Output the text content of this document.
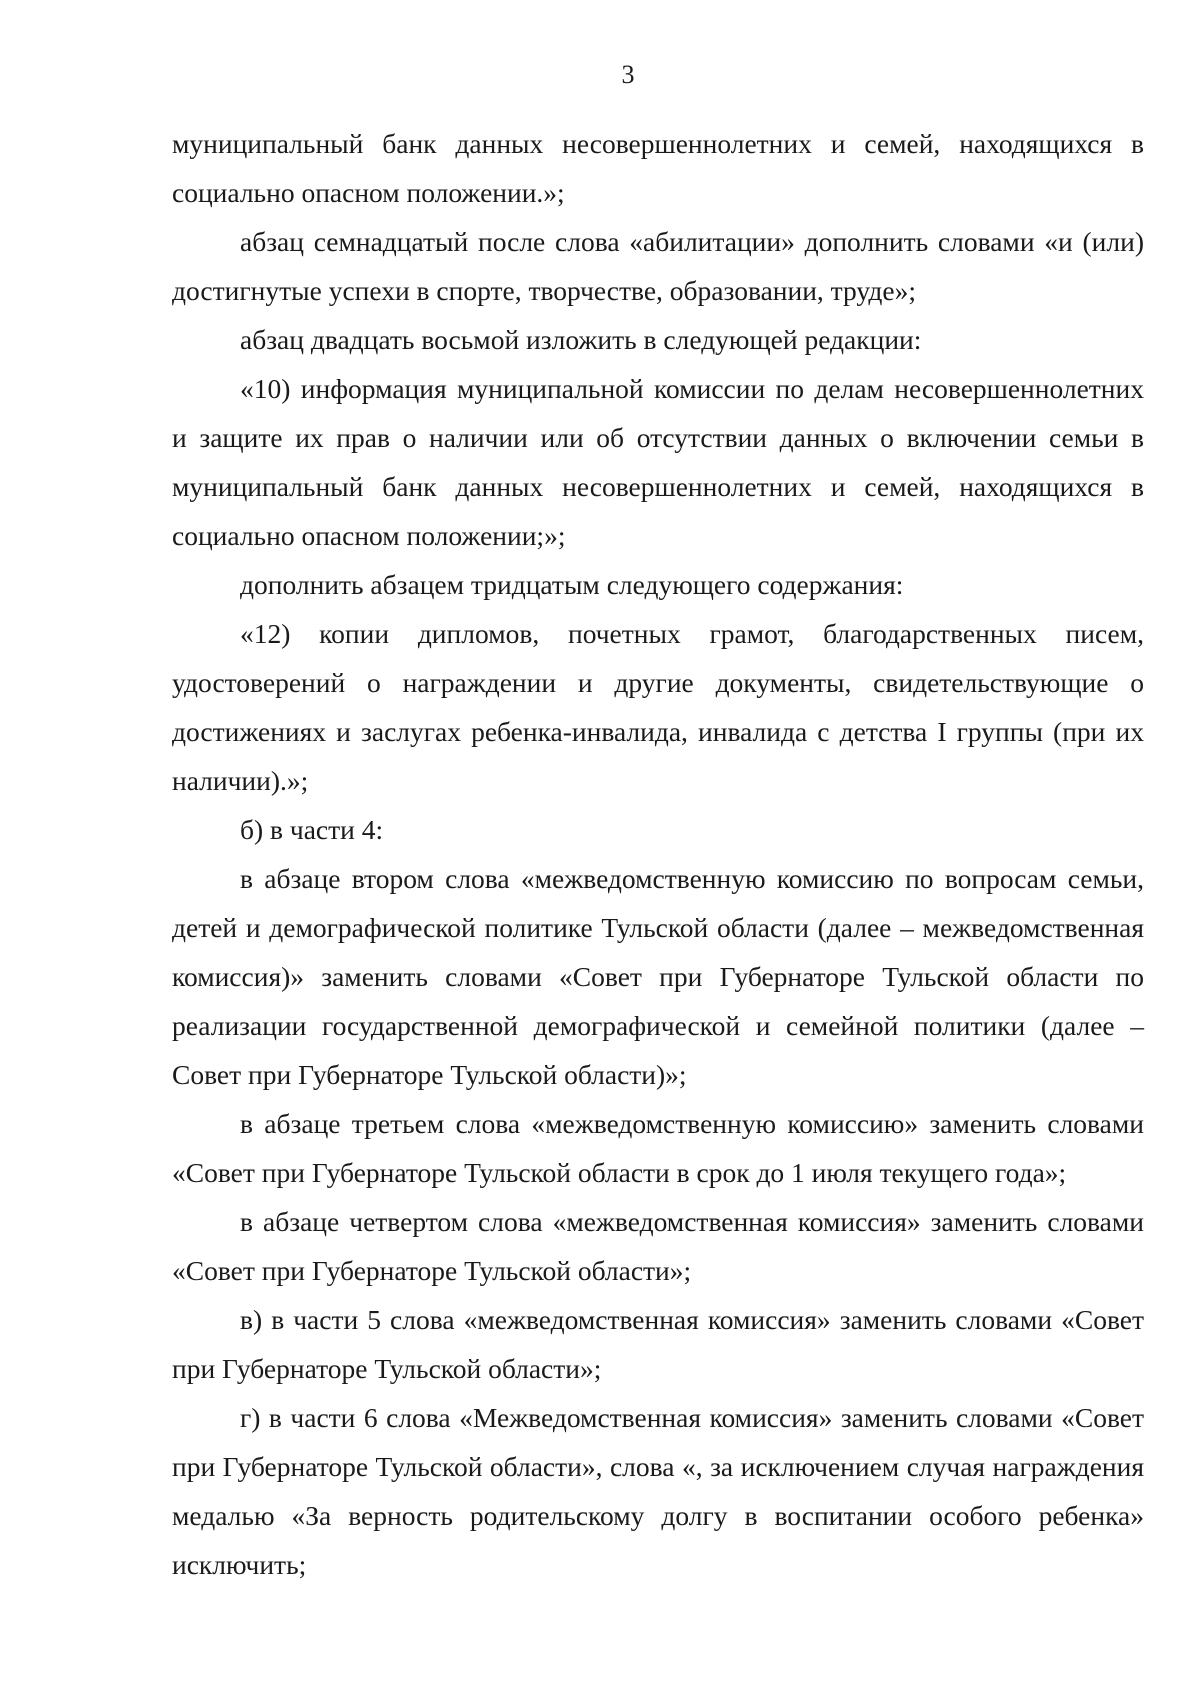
3

муниципальный банк данных несовершеннолетних и семей, находящихся в социально опасном положении.»;

абзац семнадцатый после слова «абилитации» дополнить словами «и (или) достигнутые успехи в спорте, творчестве, образовании, труде»;

абзац двадцать восьмой изложить в следующей редакции:

«10) информация муниципальной комиссии по делам несовершеннолетних и защите их прав о наличии или об отсутствии данных о включении семьи в муниципальный банк данных несовершеннолетних и семей, находящихся в социально опасном положении;»;

дополнить абзацем тридцатым следующего содержания:

«12) копии дипломов, почетных грамот, благодарственных писем, удостоверений о награждении и другие документы, свидетельствующие о достижениях и заслугах ребенка-инвалида, инвалида с детства I группы (при их наличии).»;

б) в части 4:

в абзаце втором слова «межведомственную комиссию по вопросам семьи, детей и демографической политике Тульской области (далее – межведомственная комиссия)» заменить словами «Совет при Губернаторе Тульской области по реализации государственной демографической и семейной политики (далее – Совет при Губернаторе Тульской области)»;

в абзаце третьем слова «межведомственную комиссию» заменить словами «Совет при Губернаторе Тульской области в срок до 1 июля текущего года»;

в абзаце четвертом слова «межведомственная комиссия» заменить словами «Совет при Губернаторе Тульской области»;

в) в части 5 слова «межведомственная комиссия» заменить словами «Совет при Губернаторе Тульской области»;

г) в части 6 слова «Межведомственная комиссия» заменить словами «Совет при Губернаторе Тульской области», слова «, за исключением случая награждения медалью «За верность родительскому долгу в воспитании особого ребенка» исключить;
